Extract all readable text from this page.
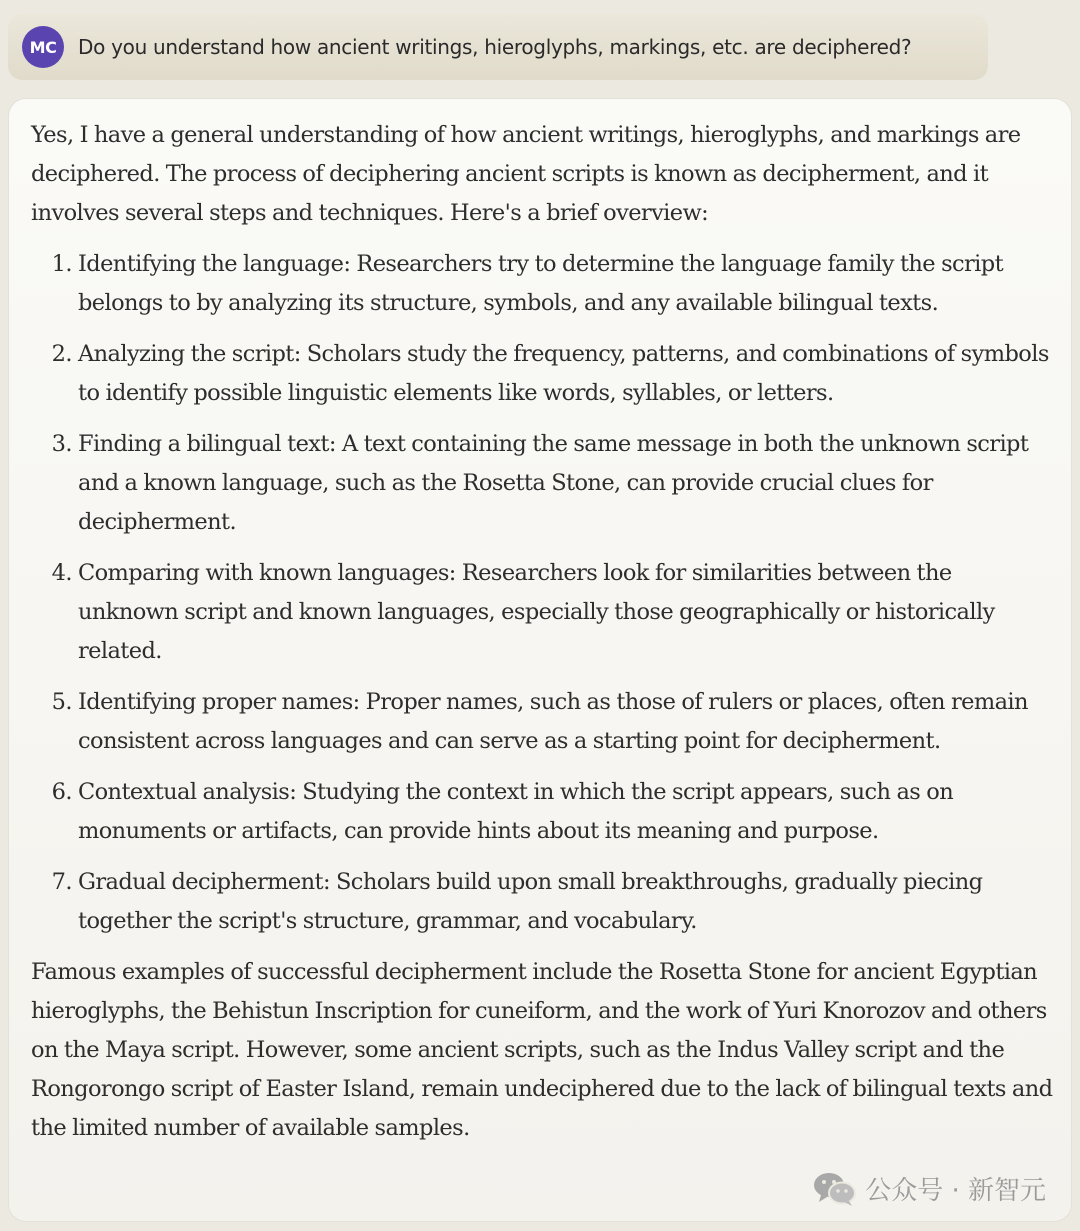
MC	Do you understand how ancient writings, hieroglyphs, markings, etc. are deciphered?

Yes, I have a general understanding of how ancient writings, hieroglyphs, and markings are deciphered. The process of deciphering ancient scripts is known as decipherment, and it involves several steps and techniques. Here's a brief overview:

1. Identifying the language: Researchers try to determine the language family the script belongs to by analyzing its structure, symbols, and any available bilingual texts.
2. Analyzing the script: Scholars study the frequency, patterns, and combinations of symbols to identify possible linguistic elements like words, syllables, or letters.
3. Finding a bilingual text: A text containing the same message in both the unknown script and a known language, such as the Rosetta Stone, can provide crucial clues for decipherment.
4. Comparing with known languages: Researchers look for similarities between the unknown script and known languages, especially those geographically or historically related.
5. Identifying proper names: Proper names, such as those of rulers or places, often remain consistent across languages and can serve as a starting point for decipherment.
6. Contextual analysis: Studying the context in which the script appears, such as on monuments or artifacts, can provide hints about its meaning and purpose.
7. Gradual decipherment: Scholars build upon small breakthroughs, gradually piecing together the script's structure, grammar, and vocabulary.

Famous examples of successful decipherment include the Rosetta Stone for ancient Egyptian hieroglyphs, the Behistun Inscription for cuneiform, and the work of Yuri Knorozov and others on the Maya script. However, some ancient scripts, such as the Indus Valley script and the Rongorongo script of Easter Island, remain undeciphered due to the lack of bilingual texts and the limited number of available samples.

公众号 · 新智元
